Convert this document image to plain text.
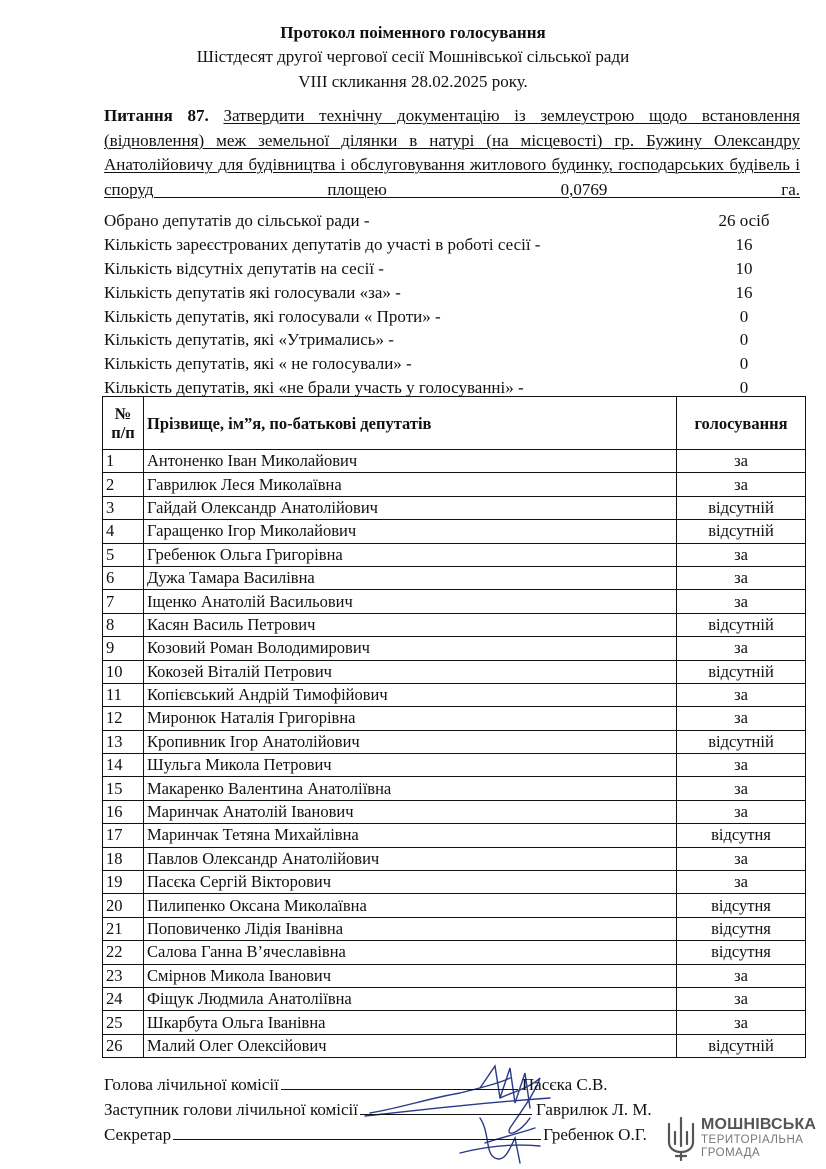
Протокол поіменного голосування
Шістдесят другої чергової сесії Мошнівської сільської ради
VIII скликання 28.02.2025 року.
Питання 87. Затвердити технічну документацію із землеустрою щодо встановлення (відновлення) меж земельної ділянки в натурі (на місцевості) гр. Бужину Олександру Анатолійовичу для будівництва і обслуговування житлового будинку, господарських будівель і споруд площею 0,0769 га.
Обрано депутатів до сільської ради -	26 осіб
Кількість зареєстрованих депутатів до участі в роботі сесії -	16
Кількість відсутніх депутатів на сесії -	10
Кількість депутатів які голосували «за» -	16
Кількість депутатів, які голосували « Проти» -	0
Кількість депутатів, які «Утримались» -	0
Кількість депутатів, які « не голосували» -	0
Кількість депутатів, які «не брали участь у голосуванні» -	0
№
п/п	Прізвище, ім”я, по-батькові депутатів	голосування
1	Антоненко Іван Миколайович	за
2	Гаврилюк Леся Миколаївна	за
3	Гайдай Олександр Анатолійович	відсутній
4	Гаращенко Ігор Миколайович	відсутній
5	Гребенюк Ольга Григорівна	за
6	Дужа Тамара Василівна	за
7	Іщенко Анатолій Васильович	за
8	Касян Василь Петрович	відсутній
9	Козовий Роман Володимирович	за
10	Кокозей Віталій Петрович	відсутній
11	Копієвський Андрій Тимофійович	за
12	Миронюк Наталія Григорівна	за
13	Кропивник Ігор Анатолійович	відсутній
14	Шульга Микола Петрович	за
15	Макаренко Валентина Анатоліївна	за
16	Маринчак Анатолій Іванович	за
17	Маринчак Тетяна Михайлівна	відсутня
18	Павлов Олександр Анатолійович	за
19	Пасєка Сергій Вікторович	за
20	Пилипенко Оксана Миколаївна	відсутня
21	Поповиченко Лідія Іванівна	відсутня
22	Салова Ганна В’ячеславівна	відсутня
23	Смірнов Микола Іванович	за
24	Фіщук Людмила Анатоліївна	за
25	Шкарбута Ольга Іванівна	за
26	Малий Олег Олексійович	відсутній
Голова лічильної комісії	Пасєка С.В.
Заступник голови лічильної комісії	Гаврилюк Л. М.
Секретар	Гребенюк О.Г.
МОШНІВСЬКА
ТЕРИТОРІАЛЬНА
ГРОМАДА
